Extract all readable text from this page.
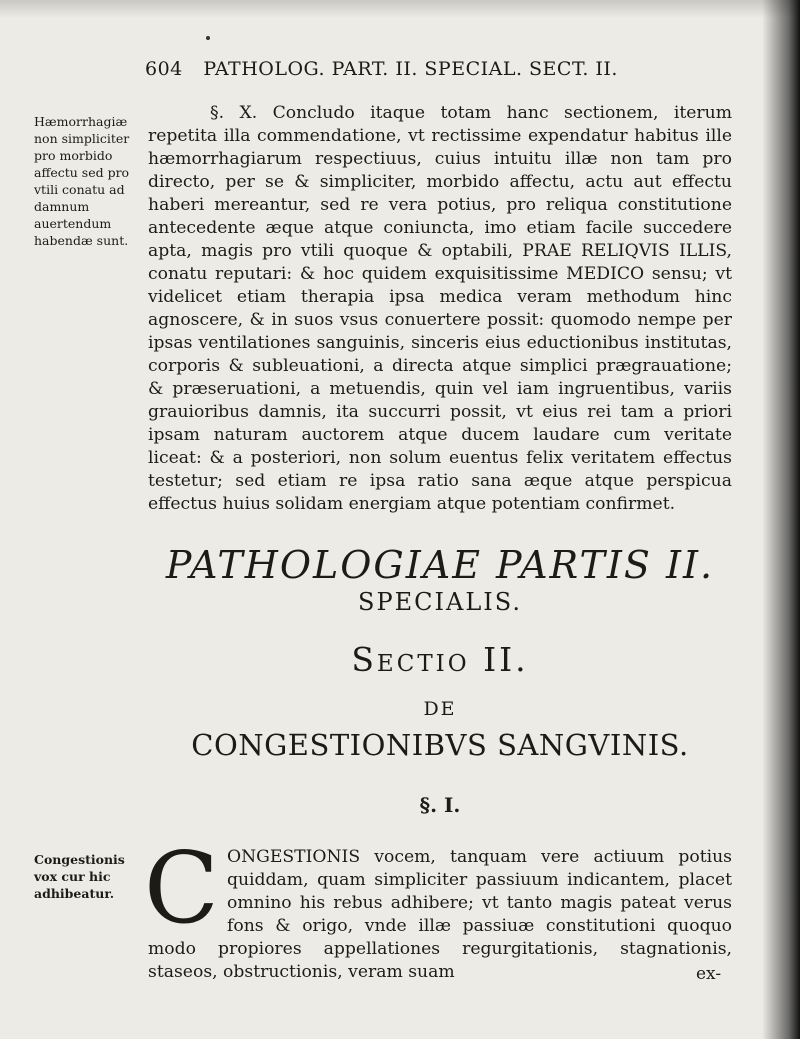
604 PATHOLOG. PART. II. SPECIAL. SECT. II.
Hæmorrhagiæ non simpliciter pro morbido affectu sed pro vtili conatu ad damnum auertendum habendæ sunt.

§. X. Concludo itaque totam hanc sectionem, iterum repetita illa commendatione, vt rectissime expendatur habitus ille hæmorrhagiarum respectiuus, cuius intuitu illæ non tam pro directo, per se & simpliciter, morbido affectu, actu aut effectu haberi mereantur, sed re vera potius, pro reliqua constitutione antecedente æque atque coniuncta, imo etiam facile succedere apta, magis pro vtili quoque & optabili, PRAE RELIQVIS ILLIS, conatu reputari: & hoc quidem exquisitissime MEDICO sensu; vt videlicet etiam therapia ipsa medica veram methodum hinc agnoscere, & in suos vsus conuertere possit: quomodo nempe per ipsas ventilationes sanguinis, sinceris eius eductionibus institutas, corporis & subleuationi, a directa atque simplici prægrauatione; & præseruationi, a metuendis, quin vel iam ingruentibus, variis grauioribus damnis, ita succurri possit, vt eius rei tam a priori ipsam naturam auctorem atque ducem laudare cum veritate liceat: & a posteriori, non solum euentus felix veritatem effectus testetur; sed etiam re ipsa ratio sana æque atque perspicua effectus huius solidam energiam atque potentiam confirmet.

PATHOLOGIAE PARTIS II.
SPECIALIS.
Sectio II.
DE
CONGESTIONIBVS SANGVINIS.
§. I.
Congestionis vox cur hic adhibeatur. C ONGESTIONIS vocem, tanquam vere actiuum potius quiddam, quam simpliciter passiuum indicantem, placet omnino his rebus adhibere; vt tanto magis pateat verus fons & origo, vnde illæ passiuæ constitutioni quoquo modo propiores appellationes regurgitationis, stagnationis, staseos, obstructionis, veram suam	ex-
